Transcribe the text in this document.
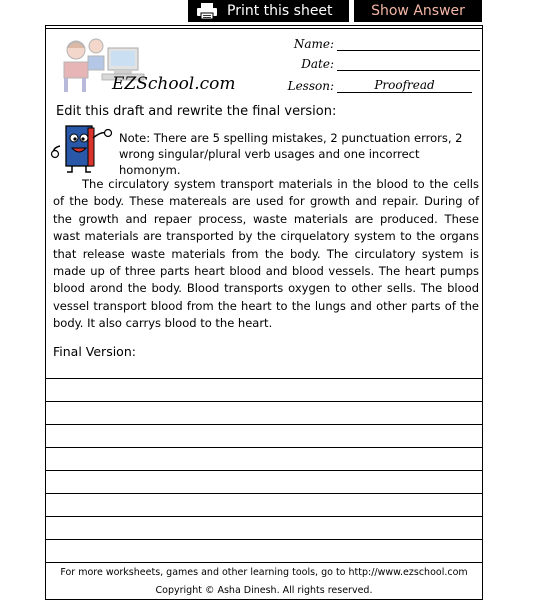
Print this sheet	Show Answer
EZSchool.com
Name:
Date:
Lesson:	Proofread
Edit this draft and rewrite the final version:
Note: There are 5 spelling mistakes, 2 punctuation errors, 2 wrong singular/plural verb usages and one incorrect homonym.
The circulatory system transport materials in the blood to the cells of the body. These matereals are used for growth and repair. During of the growth and repaer process, waste materials are produced. These wast materials are transported by the cirquelatory system to the organs that release waste materials from the body. The circulatory system is made up of three parts heart blood and blood vessels. The heart pumps blood arond the body. Blood transports oxygen to other sells. The blood vessel transport blood from the heart to the lungs and other parts of the body. It also carrys blood to the heart.
Final Version:
For more worksheets, games and other learning tools, go to http://www.ezschool.com
Copyright © Asha Dinesh. All rights reserved.
